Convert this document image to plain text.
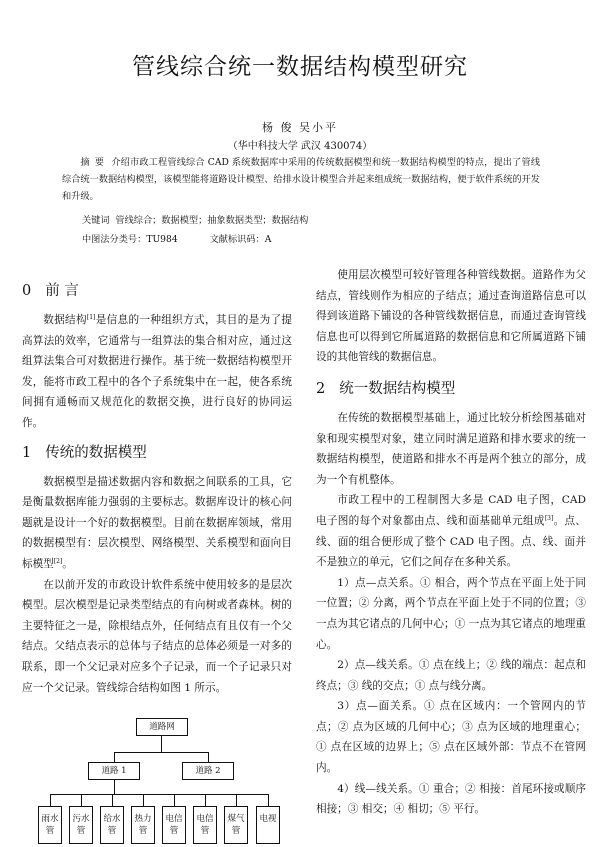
管线综合统一数据结构模型研究
杨 俊 吴小平
（华中科技大学 武汉 430074）
摘 要 介绍市政工程管线综合 CAD 系统数据库中采用的传统数据模型和统一数据结构模型的特点，提出了管线综合统一数据结构模型，该模型能将道路设计模型、给排水设计模型合并起来组成统一数据结构，便于软件系统的开发和升级。
关键词 管线综合；数据模型；抽象数据类型；数据结构
中图法分类号：TU984	文献标识码：A
0 前 言

数据结构[1]是信息的一种组织方式，其目的是为了提高算法的效率，它通常与一组算法的集合相对应，通过这组算法集合可对数据进行操作。基于统一数据结构模型开发，能将市政工程中的各个子系统集中在一起，使各系统间拥有通畅而又规范化的数据交换，进行良好的协同运作。

1 传统的数据模型

数据模型是描述数据内容和数据之间联系的工具，它是衡量数据库能力强弱的主要标志。数据库设计的核心问题就是设计一个好的数据模型。目前在数据库领域，常用的数据模型有：层次模型、网络模型、关系模型和面向目标模型[2]。

在以前开发的市政设计软件系统中使用较多的是层次模型。层次模型是记录类型结点的有向树或者森林。树的主要特征之一是，除根结点外，任何结点有且仅有一个父结点。父结点表示的总体与子结点的总体必须是一对多的联系，即一个父记录对应多个子记录，而一个子记录只对应一个父记录。管线综合结构如图 1 所示。

道路网
道路 1	道路 2
雨水管
污水管
给水管
热力管
电信管
电信管
煤气管
电视

使用层次模型可较好管理各种管线数据。道路作为父结点，管线则作为相应的子结点；通过查询道路信息可以得到该道路下铺设的各种管线数据信息，而通过查询管线信息也可以得到它所属道路的数据信息和它所属道路下铺设的其他管线的数据信息。

2 统一数据结构模型

在传统的数据模型基础上，通过比较分析绘图基础对象和现实模型对象，建立同时满足道路和排水要求的统一数据结构模型，使道路和排水不再是两个独立的部分，成为一个有机整体。

市政工程中的工程制图大多是 CAD 电子图，CAD 电子图的每个对象都由点、线和面基础单元组成[3]。点、线、面的组合便形成了整个 CAD 电子图。点、线、面并不是独立的单元，它们之间存在多种关系。

1）点—点关系。① 相合，两个节点在平面上处于同一位置；② 分离，两个节点在平面上处于不同的位置；③ 一点为其它诸点的几何中心；① 一点为其它诸点的地理重心。

2）点—线关系。① 点在线上；② 线的端点：起点和终点；③ 线的交点；① 点与线分离。

3）点—面关系。① 点在区域内：一个管网内的节点；② 点为区域的几何中心；③ 点为区域的地理重心；① 点在区域的边界上；⑤ 点在区域外部：节点不在管网内。

4）线—线关系。① 重合；② 相接：首尾环接或顺序相接；③ 相交；④ 相切；⑤ 平行。
